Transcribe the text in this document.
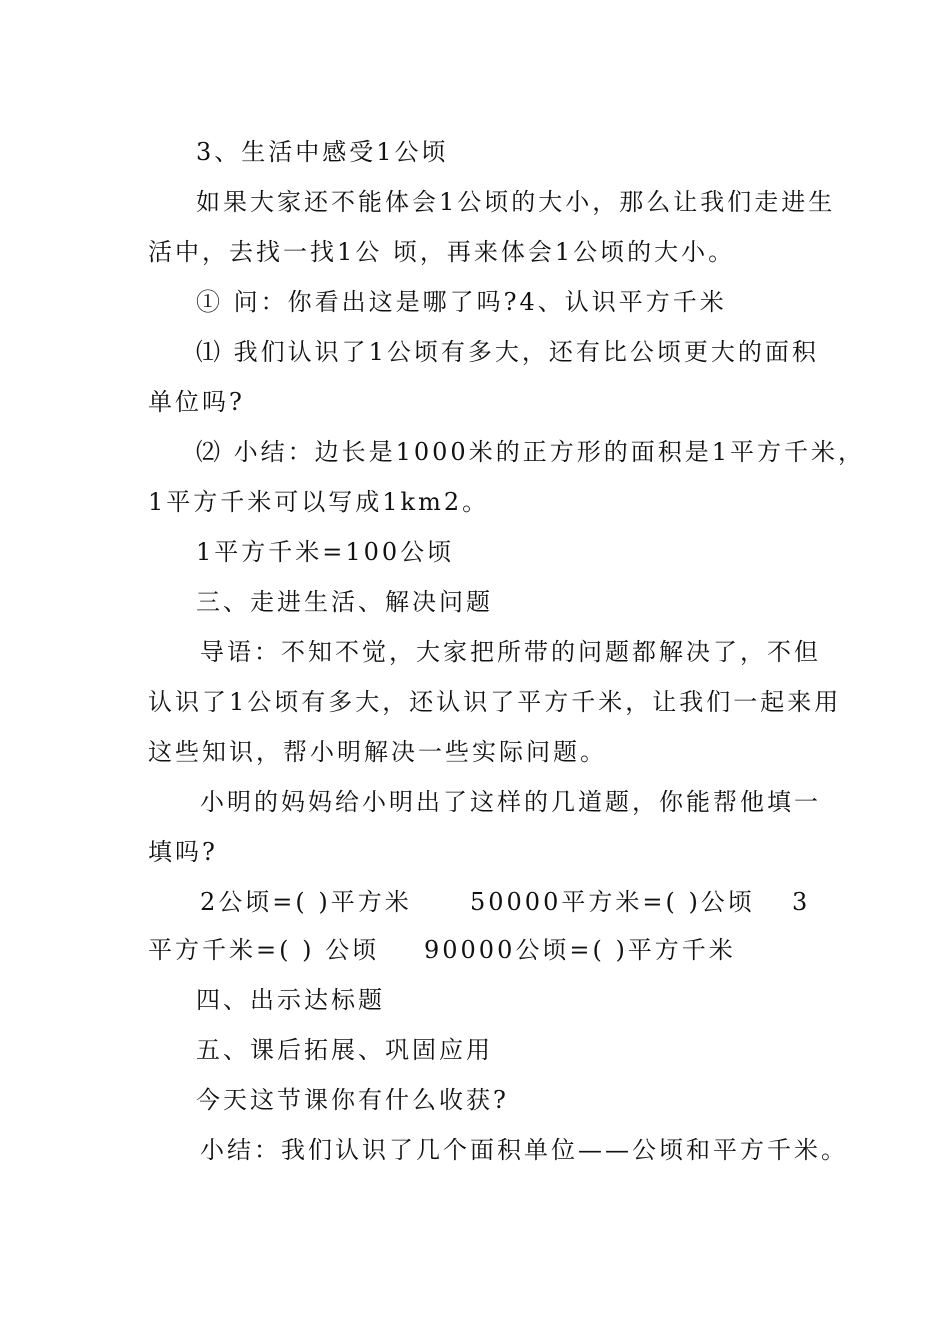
3、生活中感受1公顷
如果大家还不能体会1公顷的大小，那么让我们走进生
活中，去找一找1公 顷，再来体会1公顷的大小。
① 问：你看出这是哪了吗?4、认识平方千米
⑴ 我们认识了1公顷有多大，还有比公顷更大的面积
单位吗?
⑵ 小结：边长是1000米的正方形的面积是1平方千米，
1平方千米可以写成1km2。
1平方千米=100公顷
三、走进生活、解决问题
导语：不知不觉，大家把所带的问题都解决了，不但
认识了1公顷有多大，还认识了平方千米，让我们一起来用
这些知识，帮小明解决一些实际问题。
小明的妈妈给小明出了这样的几道题，你能帮他填一
填吗?
2公顷=( )平方米 50000平方米=( )公顷 3
平方千米=( ) 公顷 90000公顷=( )平方千米
四、出示达标题
五、课后拓展、巩固应用
今天这节课你有什么收获?
小结：我们认识了几个面积单位——公顷和平方千米。
